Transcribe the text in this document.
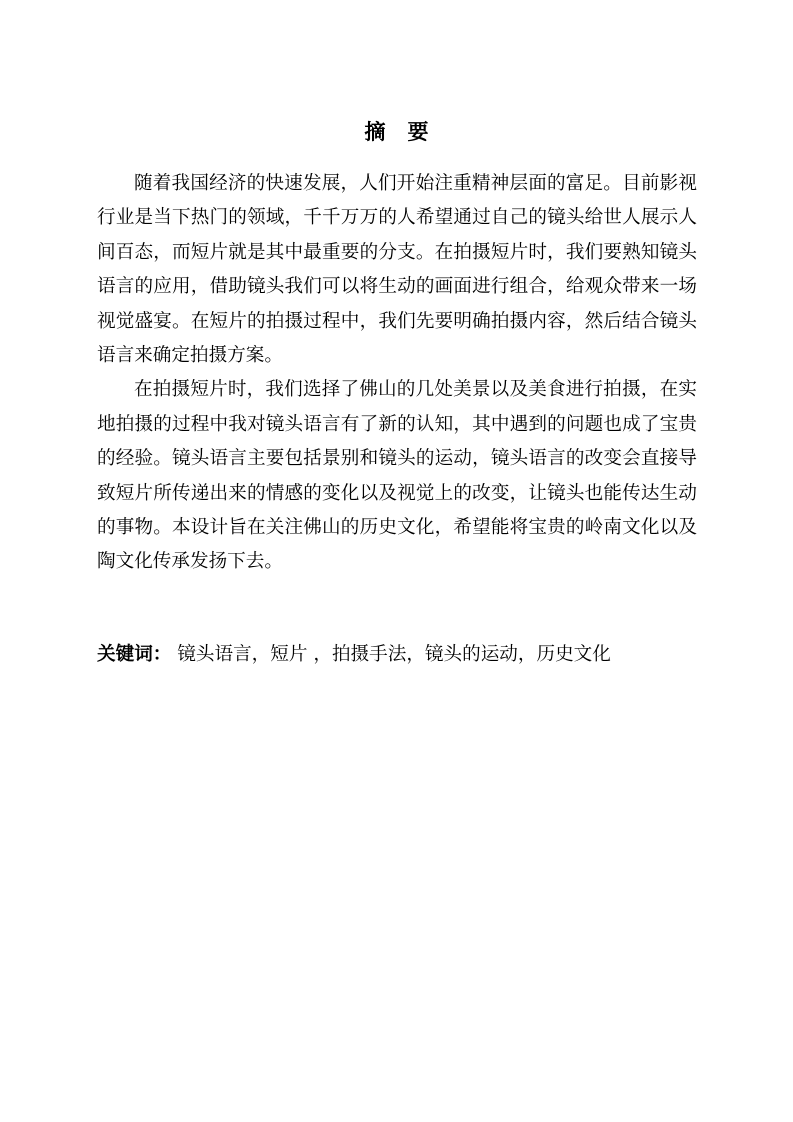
摘 要

随着我国经济的快速发展，人们开始注重精神层面的富足。目前影视行业是当下热门的领域，千千万万的人希望通过自己的镜头给世人展示人间百态，而短片就是其中最重要的分支。在拍摄短片时，我们要熟知镜头语言的应用，借助镜头我们可以将生动的画面进行组合，给观众带来一场视觉盛宴。在短片的拍摄过程中，我们先要明确拍摄内容，然后结合镜头语言来确定拍摄方案。

在拍摄短片时，我们选择了佛山的几处美景以及美食进行拍摄，在实地拍摄的过程中我对镜头语言有了新的认知，其中遇到的问题也成了宝贵的经验。镜头语言主要包括景别和镜头的运动，镜头语言的改变会直接导致短片所传递出来的情感的变化以及视觉上的改变，让镜头也能传达生动的事物。本设计旨在关注佛山的历史文化，希望能将宝贵的岭南文化以及陶文化传承发扬下去。

关键词： 镜头语言，短片 ，拍摄手法，镜头的运动，历史文化
